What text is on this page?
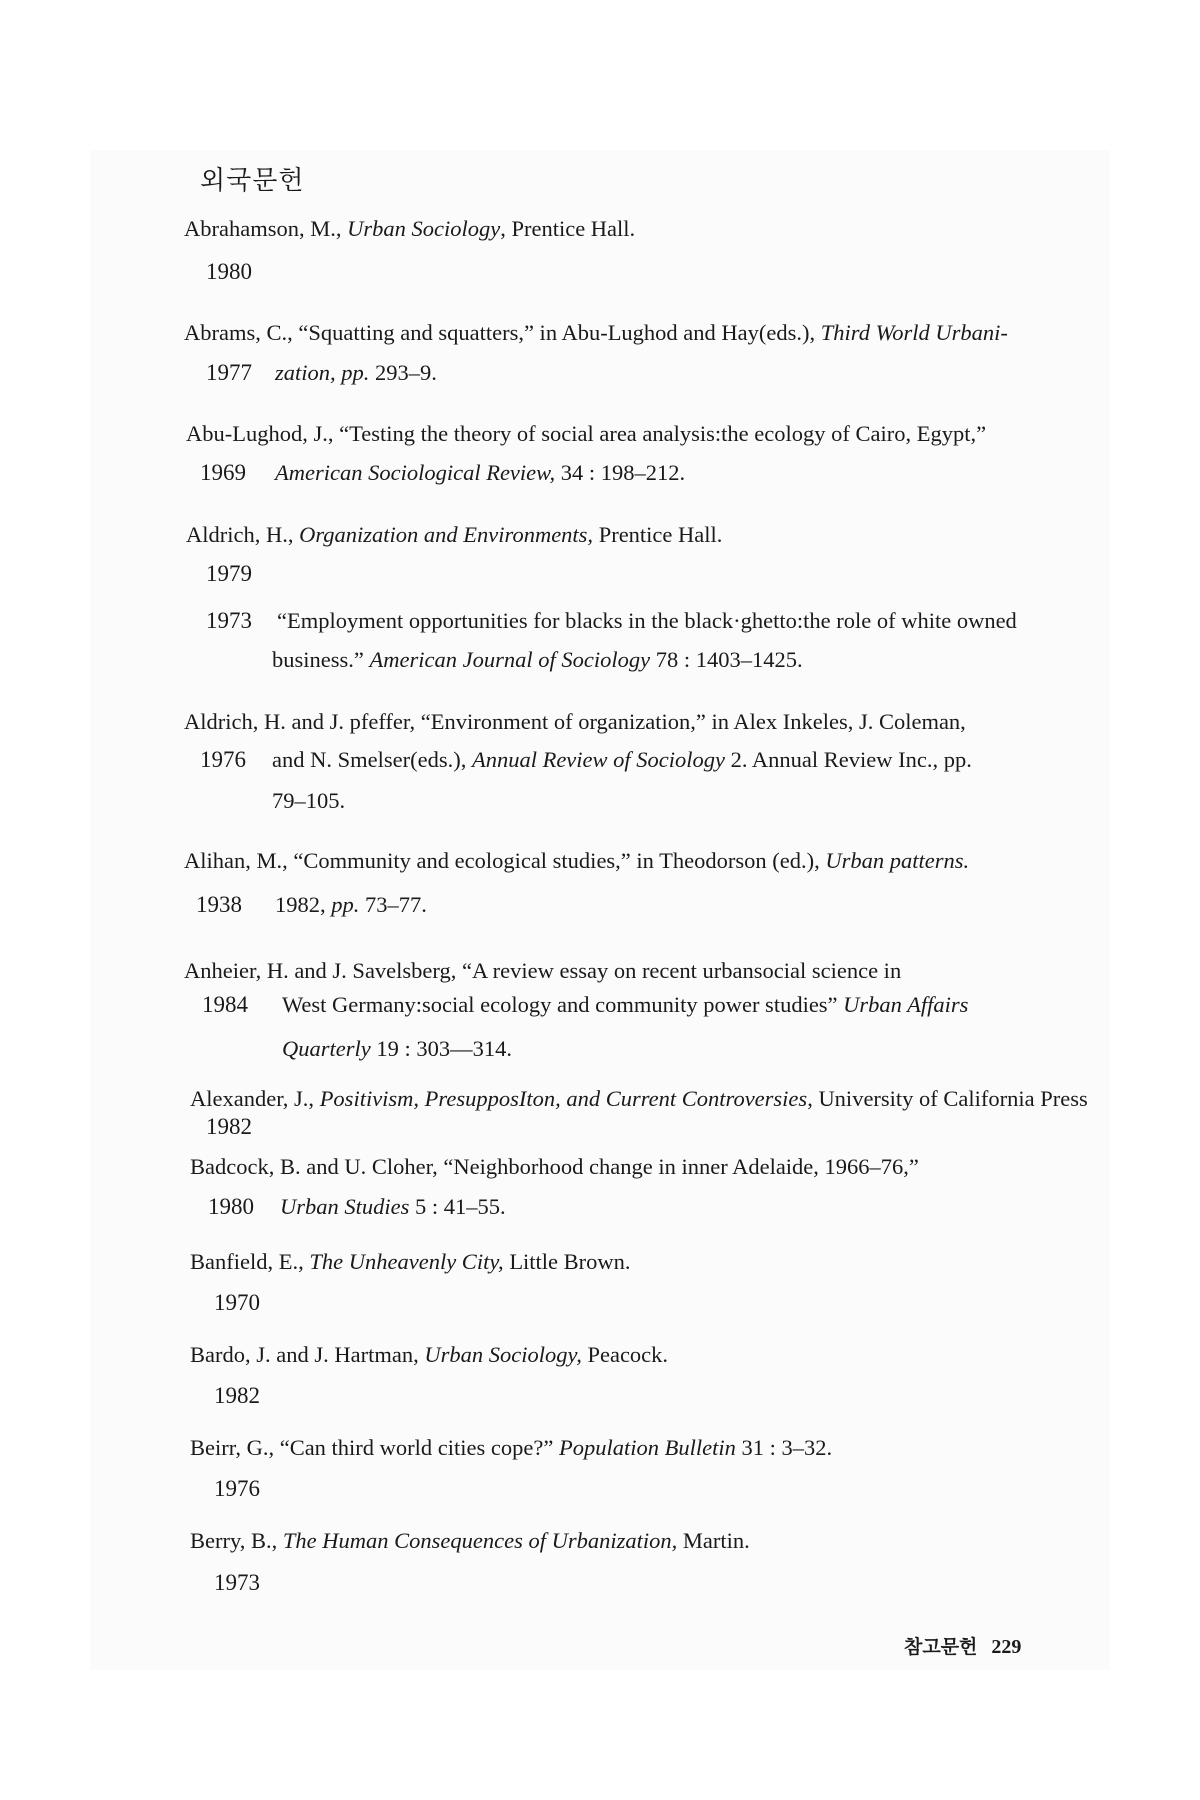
외국문헌
Abrahamson, M., Urban Sociology, Prentice Hall.
1980
Abrams, C., “Squatting and squatters,” in Abu-Lughod and Hay(eds.), Third World Urbani-
zation, pp. 293–9.
1977
Abu-Lughod, J., “Testing the theory of social area analysis:the ecology of Cairo, Egypt,”
American Sociological Review, 34 : 198–212.
1969
Aldrich, H., Organization and Environments, Prentice Hall.
1979
“Employment opportunities for blacks in the black·ghetto:the role of white owned
business.” American Journal of Sociology 78 : 1403–1425.
1973
Aldrich, H. and J. pfeffer, “Environment of organization,” in Alex Inkeles, J. Coleman,
and N. Smelser(eds.), Annual Review of Sociology 2. Annual Review Inc., pp.
79–105.
1976
Alihan, M., “Community and ecological studies,” in Theodorson (ed.), Urban patterns.
1982, pp. 73–77.
1938
Anheier, H. and J. Savelsberg, “A review essay on recent urbansocial science in
West Germany:social ecology and community power studies” Urban Affairs
Quarterly 19 : 303—314.
1984
Alexander, J., Positivism, PresupposIton, and Current Controversies, University of California Press
1982
Badcock, B. and U. Cloher, “Neighborhood change in inner Adelaide, 1966–76,”
Urban Studies 5 : 41–55.
1980
Banfield, E., The Unheavenly City, Little Brown.
1970
Bardo, J. and J. Hartman, Urban Sociology, Peacock.
1982
Beirr, G., “Can third world cities cope?” Population Bulletin 31 : 3–32.
1976
Berry, B., The Human Consequences of Urbanization, Martin.
1973
참고문헌 229
